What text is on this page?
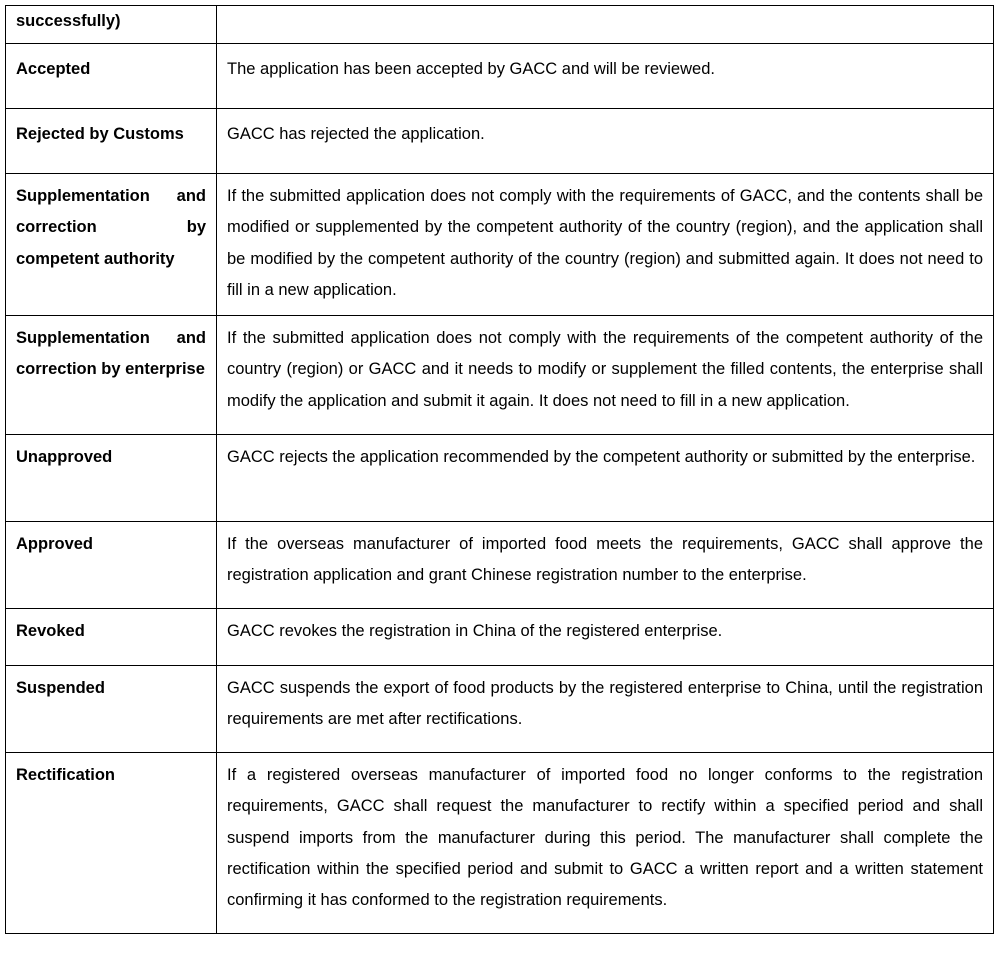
successfully)	
Accepted	The application has been accepted by GACC and will be reviewed.
Rejected by Customs	GACC has rejected the application.
Supplementation and correction by competent authority	If the submitted application does not comply with the requirements of GACC, and the contents shall be modified or supplemented by the competent authority of the country (region), and the application shall be modified by the competent authority of the country (region) and submitted again. It does not need to fill in a new application.
Supplementation and correction by enterprise	If the submitted application does not comply with the requirements of the competent authority of the country (region) or GACC and it needs to modify or supplement the filled contents, the enterprise shall modify the application and submit it again. It does not need to fill in a new application.
Unapproved	GACC rejects the application recommended by the competent authority or submitted by the enterprise.
Approved	If the overseas manufacturer of imported food meets the requirements, GACC shall approve the registration application and grant Chinese registration number to the enterprise.
Revoked	GACC revokes the registration in China of the registered enterprise.
Suspended	GACC suspends the export of food products by the registered enterprise to China, until the registration requirements are met after rectifications.
Rectification	If a registered overseas manufacturer of imported food no longer conforms to the registration requirements, GACC shall request the manufacturer to rectify within a specified period and shall suspend imports from the manufacturer during this period. The manufacturer shall complete the rectification within the specified period and submit to GACC a written report and a written statement confirming it has conformed to the registration requirements.
